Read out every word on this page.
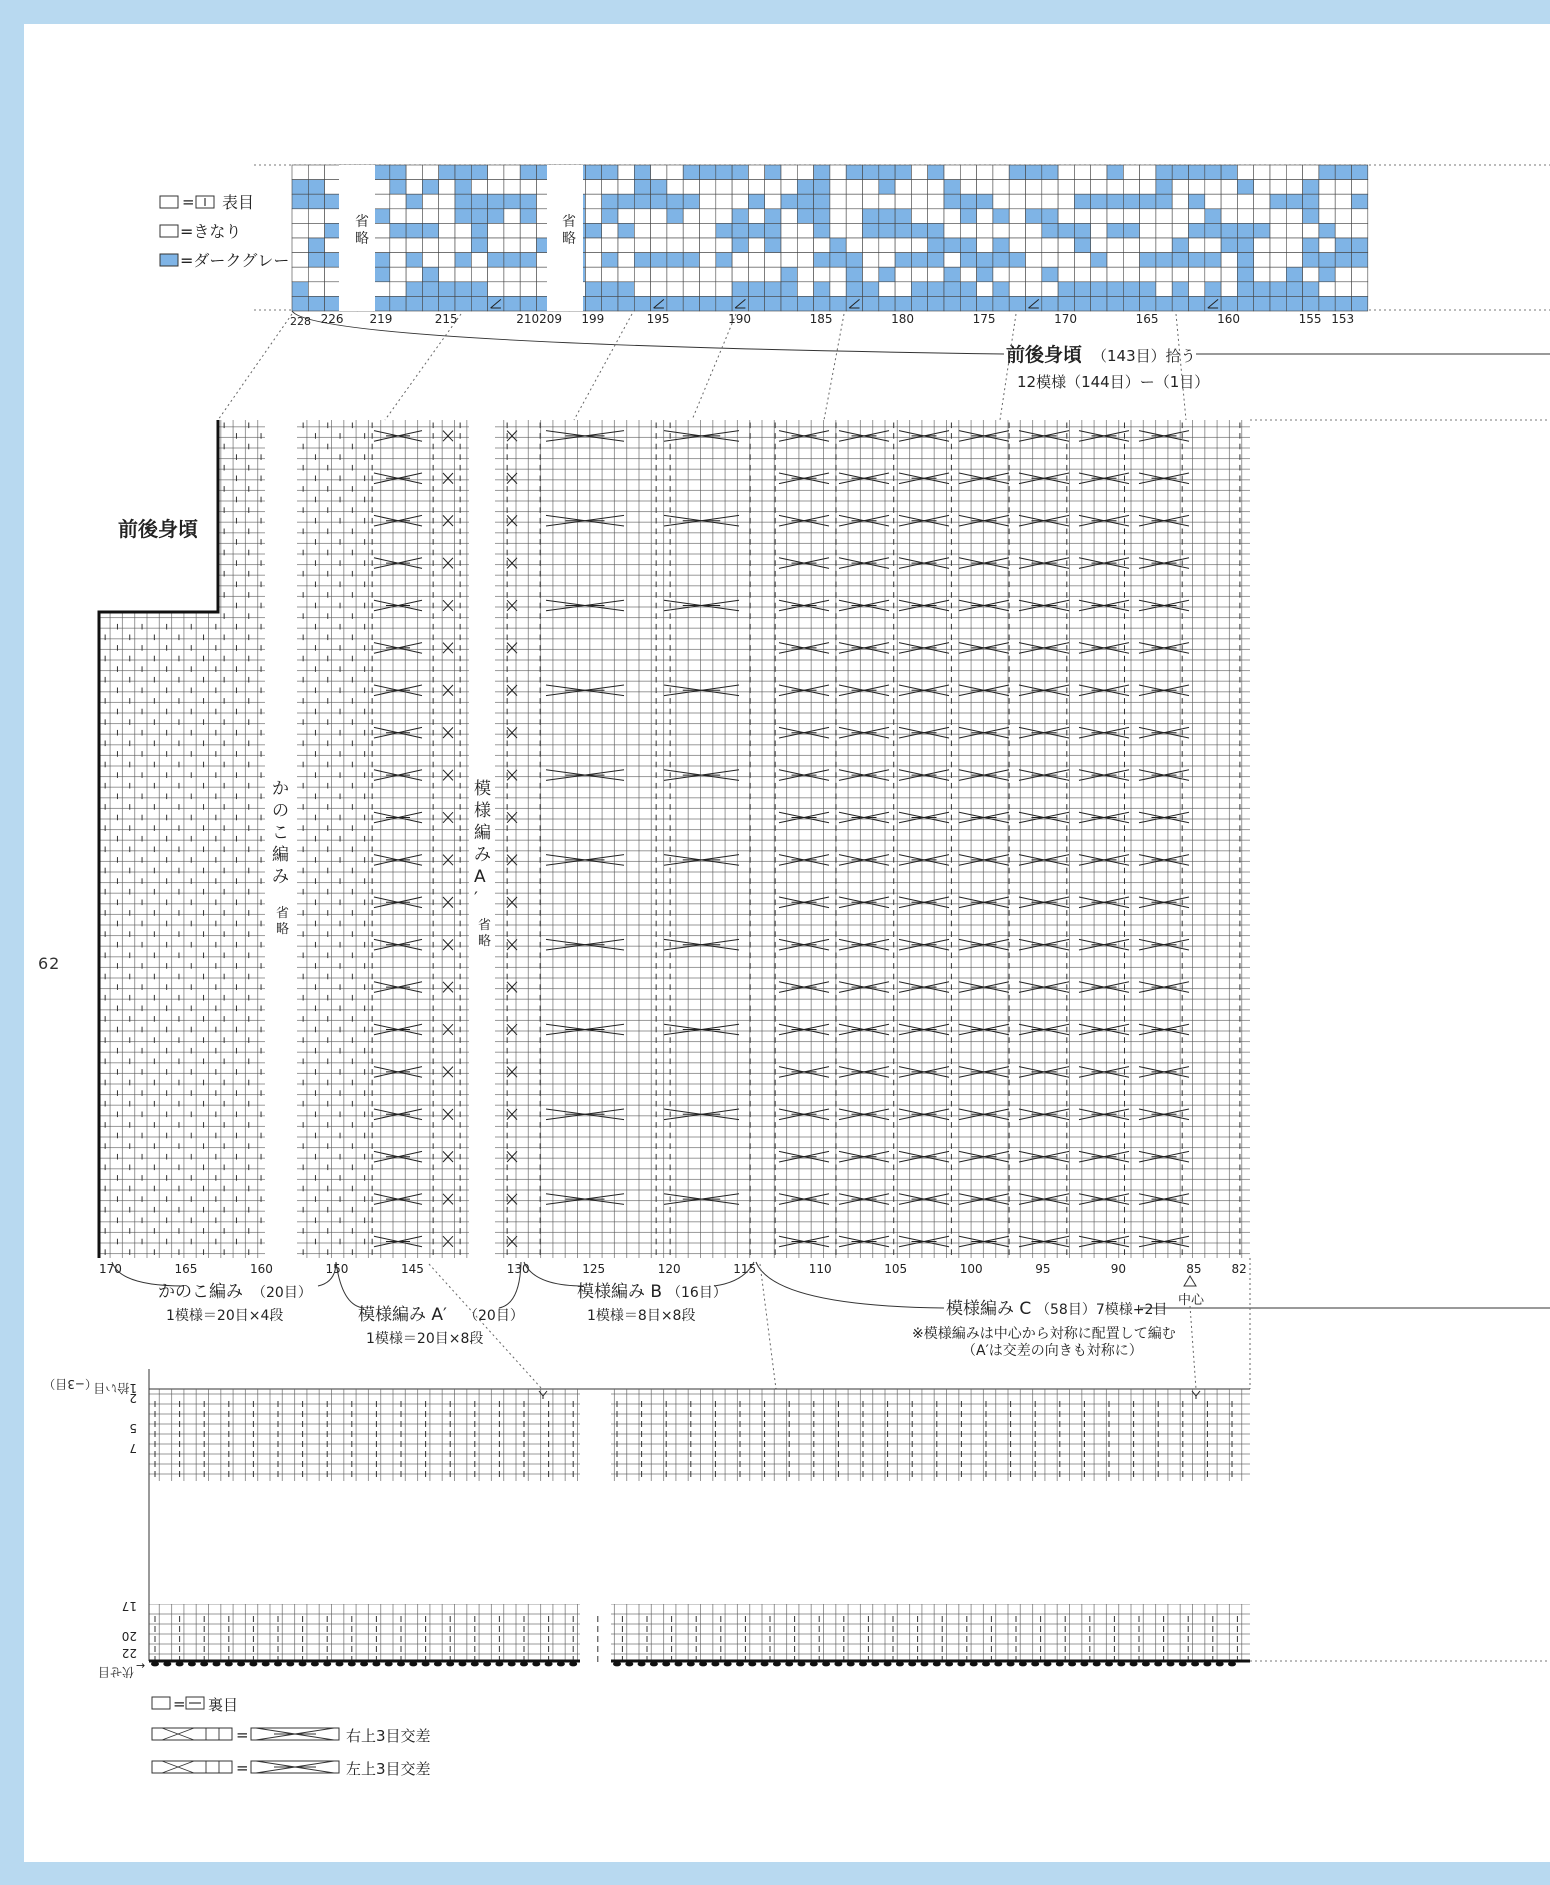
62
= 表目
=きなり
=ダークグレー
省
略
省
略
226 219	215	210209 199	195	190	185	180	175	170	165	160	155 153
228
前後身頃 （143目）拾う
12模様（144目）ー（1目）
前後身頃
かのこ編み
省略
模様編み A ′
省略
170	165	160	150	145	130	125	120	115	110	105	100	95	90	85	82
中心
かのこ編み （20目）
1模様＝20目×4段	模様編み A′ （20目）
1模様＝20目×8段
模様編み B （16目）
1模様＝8目×8段	模様編み C （58目）7模様+2目
※模様編みは中心から対称に配置して編む
（A′は交差の向きも対称に）
1拾い目
2
5
7
17
20
22
（−3目）
伏せ目 →
= 裏目
=	右上3目交差
=	左上3目交差
